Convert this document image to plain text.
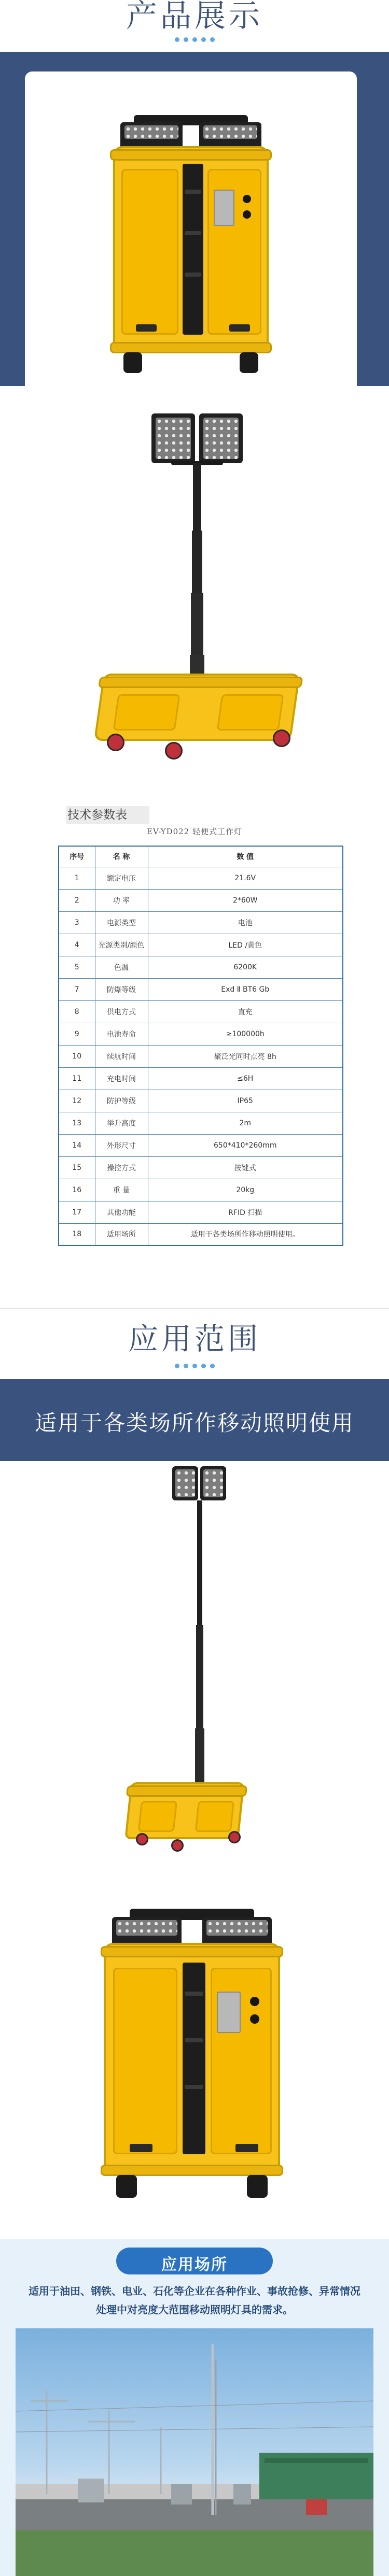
产品展示
技术参数表
EV-YD022 轻便式工作灯
序号	名 称	数 值
1	额定电压	21.6V
2	功 率	2*60W
3	电源类型	电池
4	光源类别/颜色	LED /黄色
5	色温	6200K
7	防爆等级	Exd Ⅱ BT6 Gb
8	供电方式	直充
9	电池寿命	≥100000h
10	续航时间	聚泛光同时点亮 8h
11	充电时间	≤6H
12	防护等级	IP65
13	举升高度	2m
14	外形尺寸	650*410*260mm
15	操控方式	按键式
16	重 量	20kg
17	其他功能	RFID 扫描
18	适用场所	适用于各类场所作移动照明使用。
应用范围
适用于各类场所作移动照明使用
应用场所
适用于油田、钢铁、电业、石化等企业在各种作业、事故抢修、异常情况处理中对亮度大范围移动照明灯具的需求。
